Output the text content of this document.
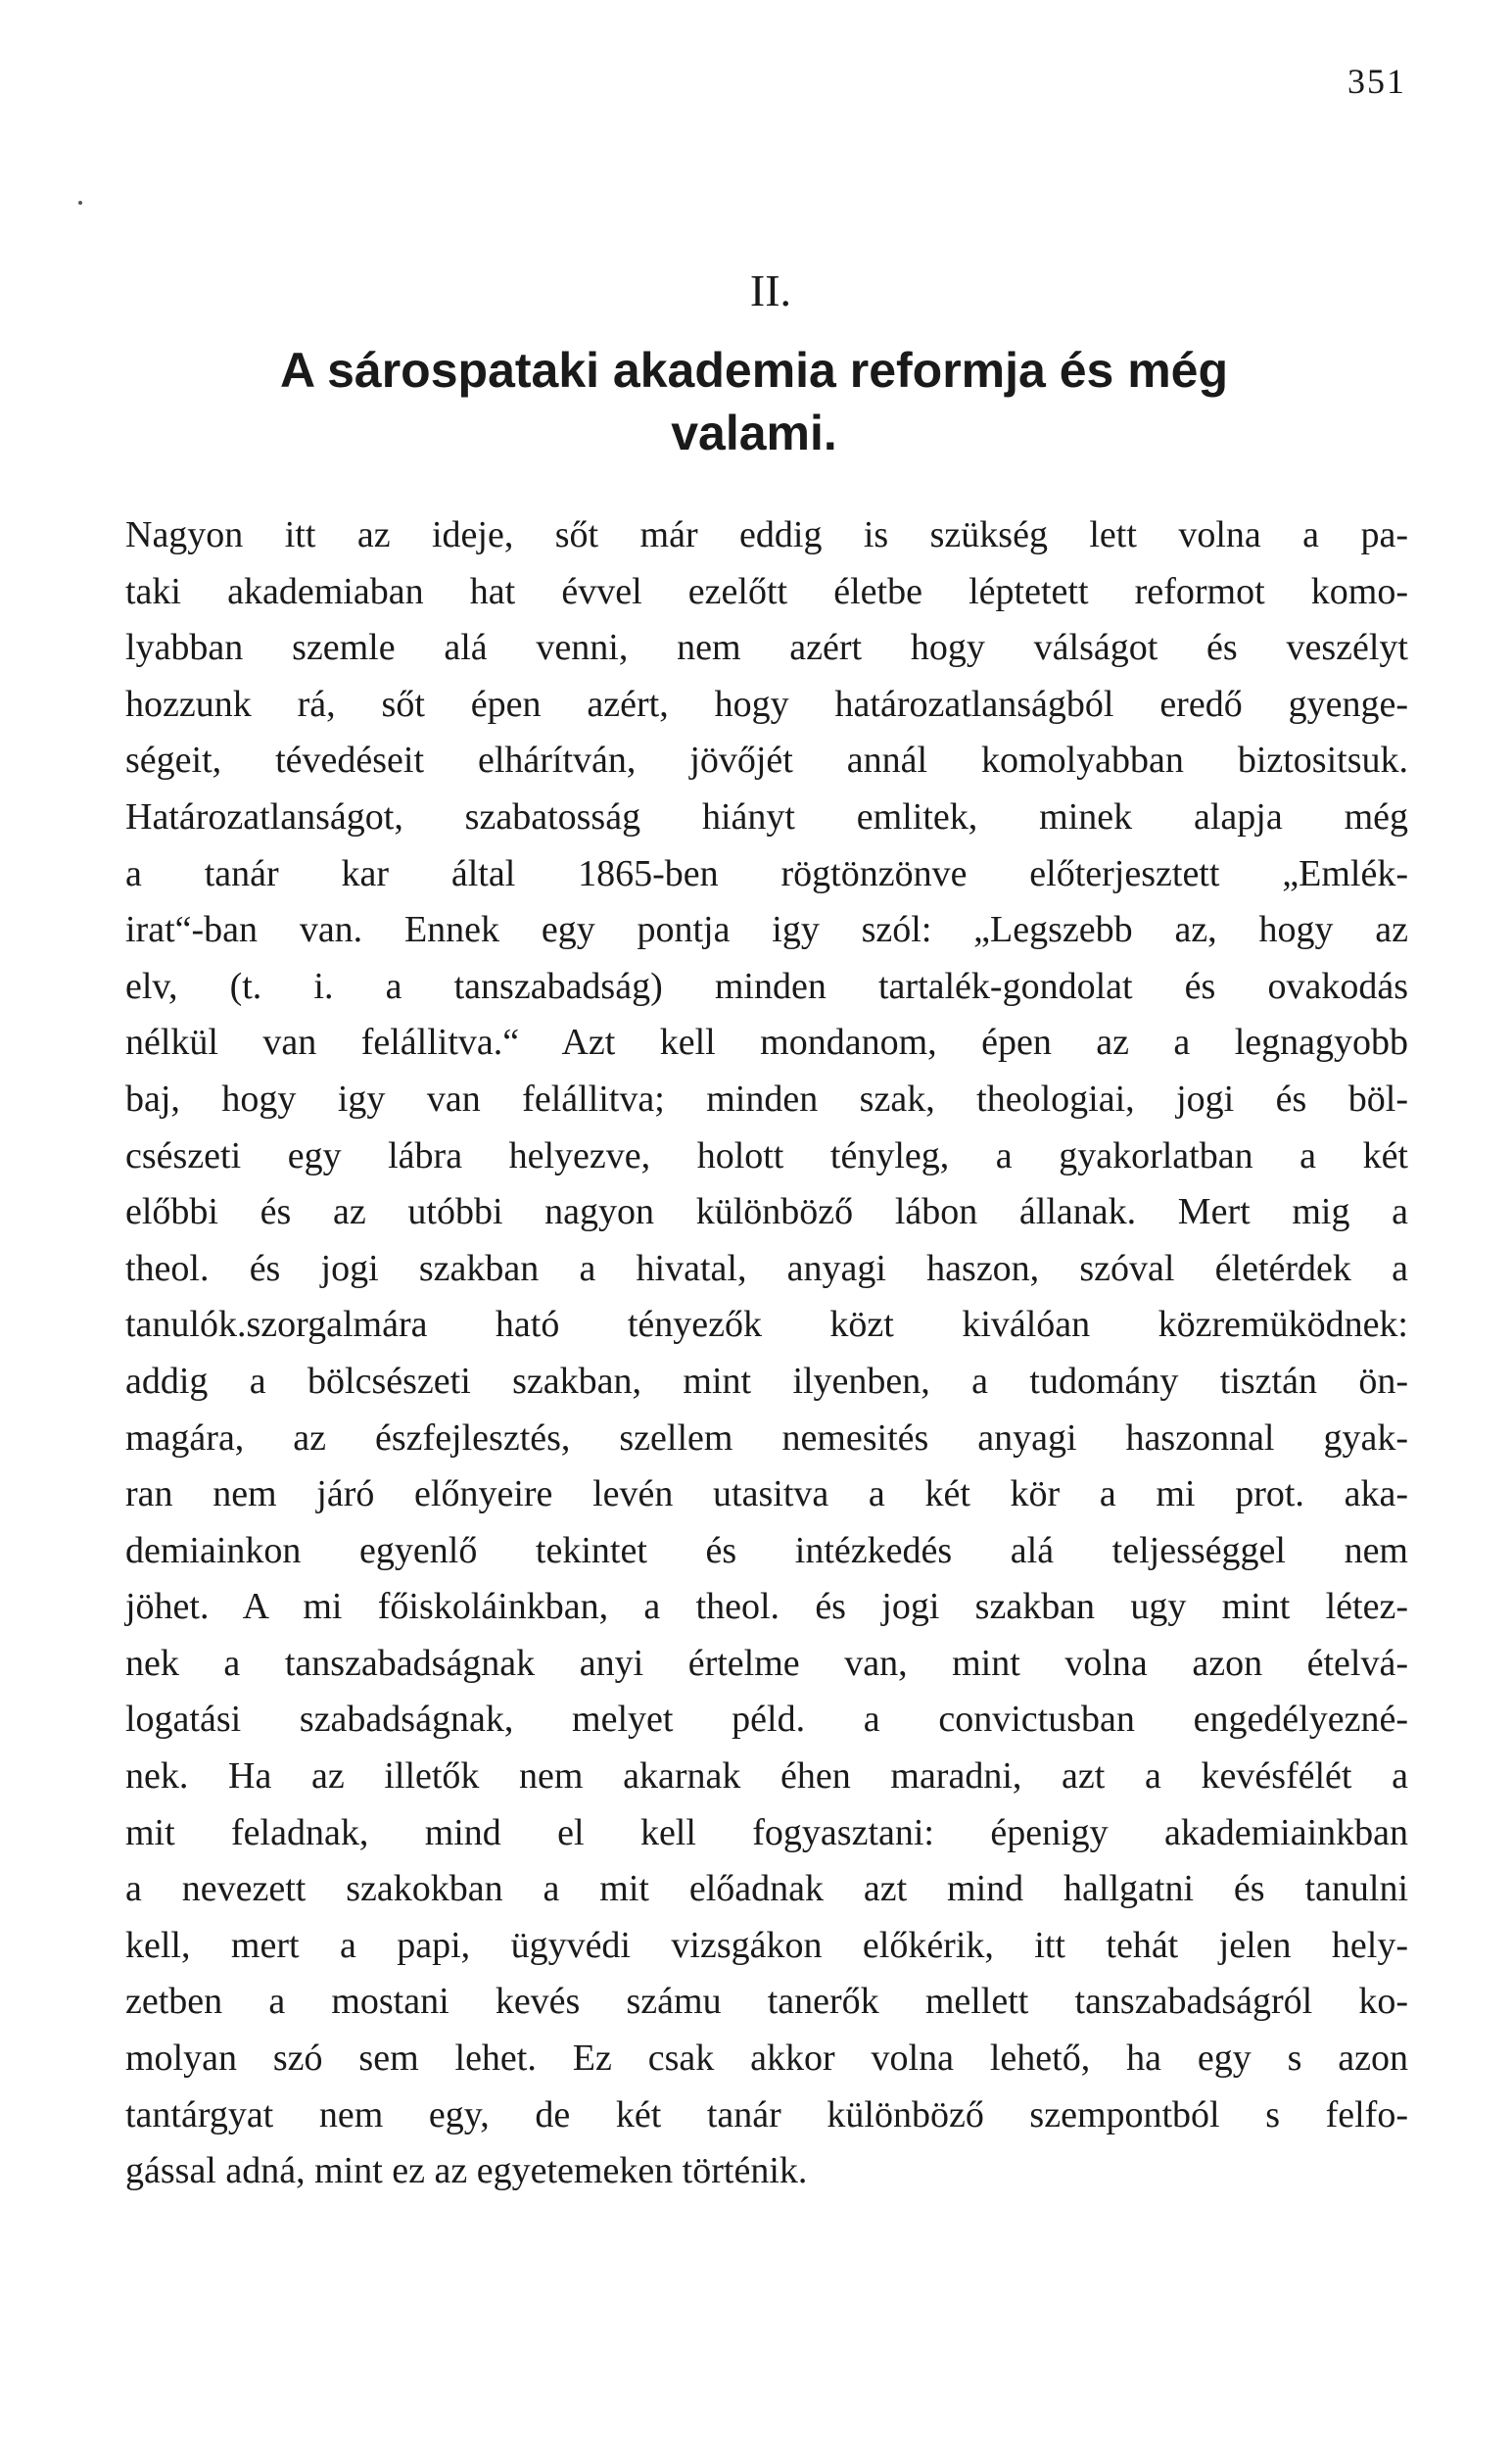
351
II.
A sárospataki akademia reformja és még
valami.
Nagyon itt az ideje, sőt már eddig is szükség lett volna a pa-
taki akademiaban hat évvel ezelőtt életbe léptetett reformot komo-
lyabban szemle alá venni, nem azért hogy válságot és veszélyt
hozzunk rá, sőt épen azért, hogy határozatlanságból eredő gyenge-
ségeit, tévedéseit elhárítván, jövőjét annál komolyabban biztositsuk.
Határozatlanságot, szabatosság hiányt emlitek, minek alapja még
a tanár kar által 1865-ben rögtönzönve előterjesztett „Emlék-
irat“-ban van. Ennek egy pontja igy szól: „Legszebb az, hogy az
elv, (t. i. a tanszabadság) minden tartalék-gondolat és ovakodás
nélkül van felállitva.“ Azt kell mondanom, épen az a legnagyobb
baj, hogy igy van felállitva; minden szak, theologiai, jogi és böl-
csészeti egy lábra helyezve, holott tényleg, a gyakorlatban a két
előbbi és az utóbbi nagyon különböző lábon állanak. Mert mig a
theol. és jogi szakban a hivatal, anyagi haszon, szóval életérdek a
tanulók.szorgalmára ható tényezők közt kiválóan közremüködnek:
addig a bölcsészeti szakban, mint ilyenben, a tudomány tisztán ön-
magára, az észfejlesztés, szellem nemesités anyagi haszonnal gyak-
ran nem járó előnyeire levén utasitva a két kör a mi prot. aka-
demiainkon egyenlő tekintet és intézkedés alá teljességgel nem
jöhet. A mi főiskoláinkban, a theol. és jogi szakban ugy mint létez-
nek a tanszabadságnak anyi értelme van, mint volna azon ételvá-
logatási szabadságnak, melyet péld. a convictusban engedélyezné-
nek. Ha az illetők nem akarnak éhen maradni, azt a kevésfélét a
mit feladnak, mind el kell fogyasztani: épenigy akademiainkban
a nevezett szakokban a mit előadnak azt mind hallgatni és tanulni
kell, mert a papi, ügyvédi vizsgákon előkérik, itt tehát jelen hely-
zetben a mostani kevés számu tanerők mellett tanszabadságról ko-
molyan szó sem lehet. Ez csak akkor volna lehető, ha egy s azon
tantárgyat nem egy, de két tanár különböző szempontból s felfo-
gással adná, mint ez az egyetemeken történik.
